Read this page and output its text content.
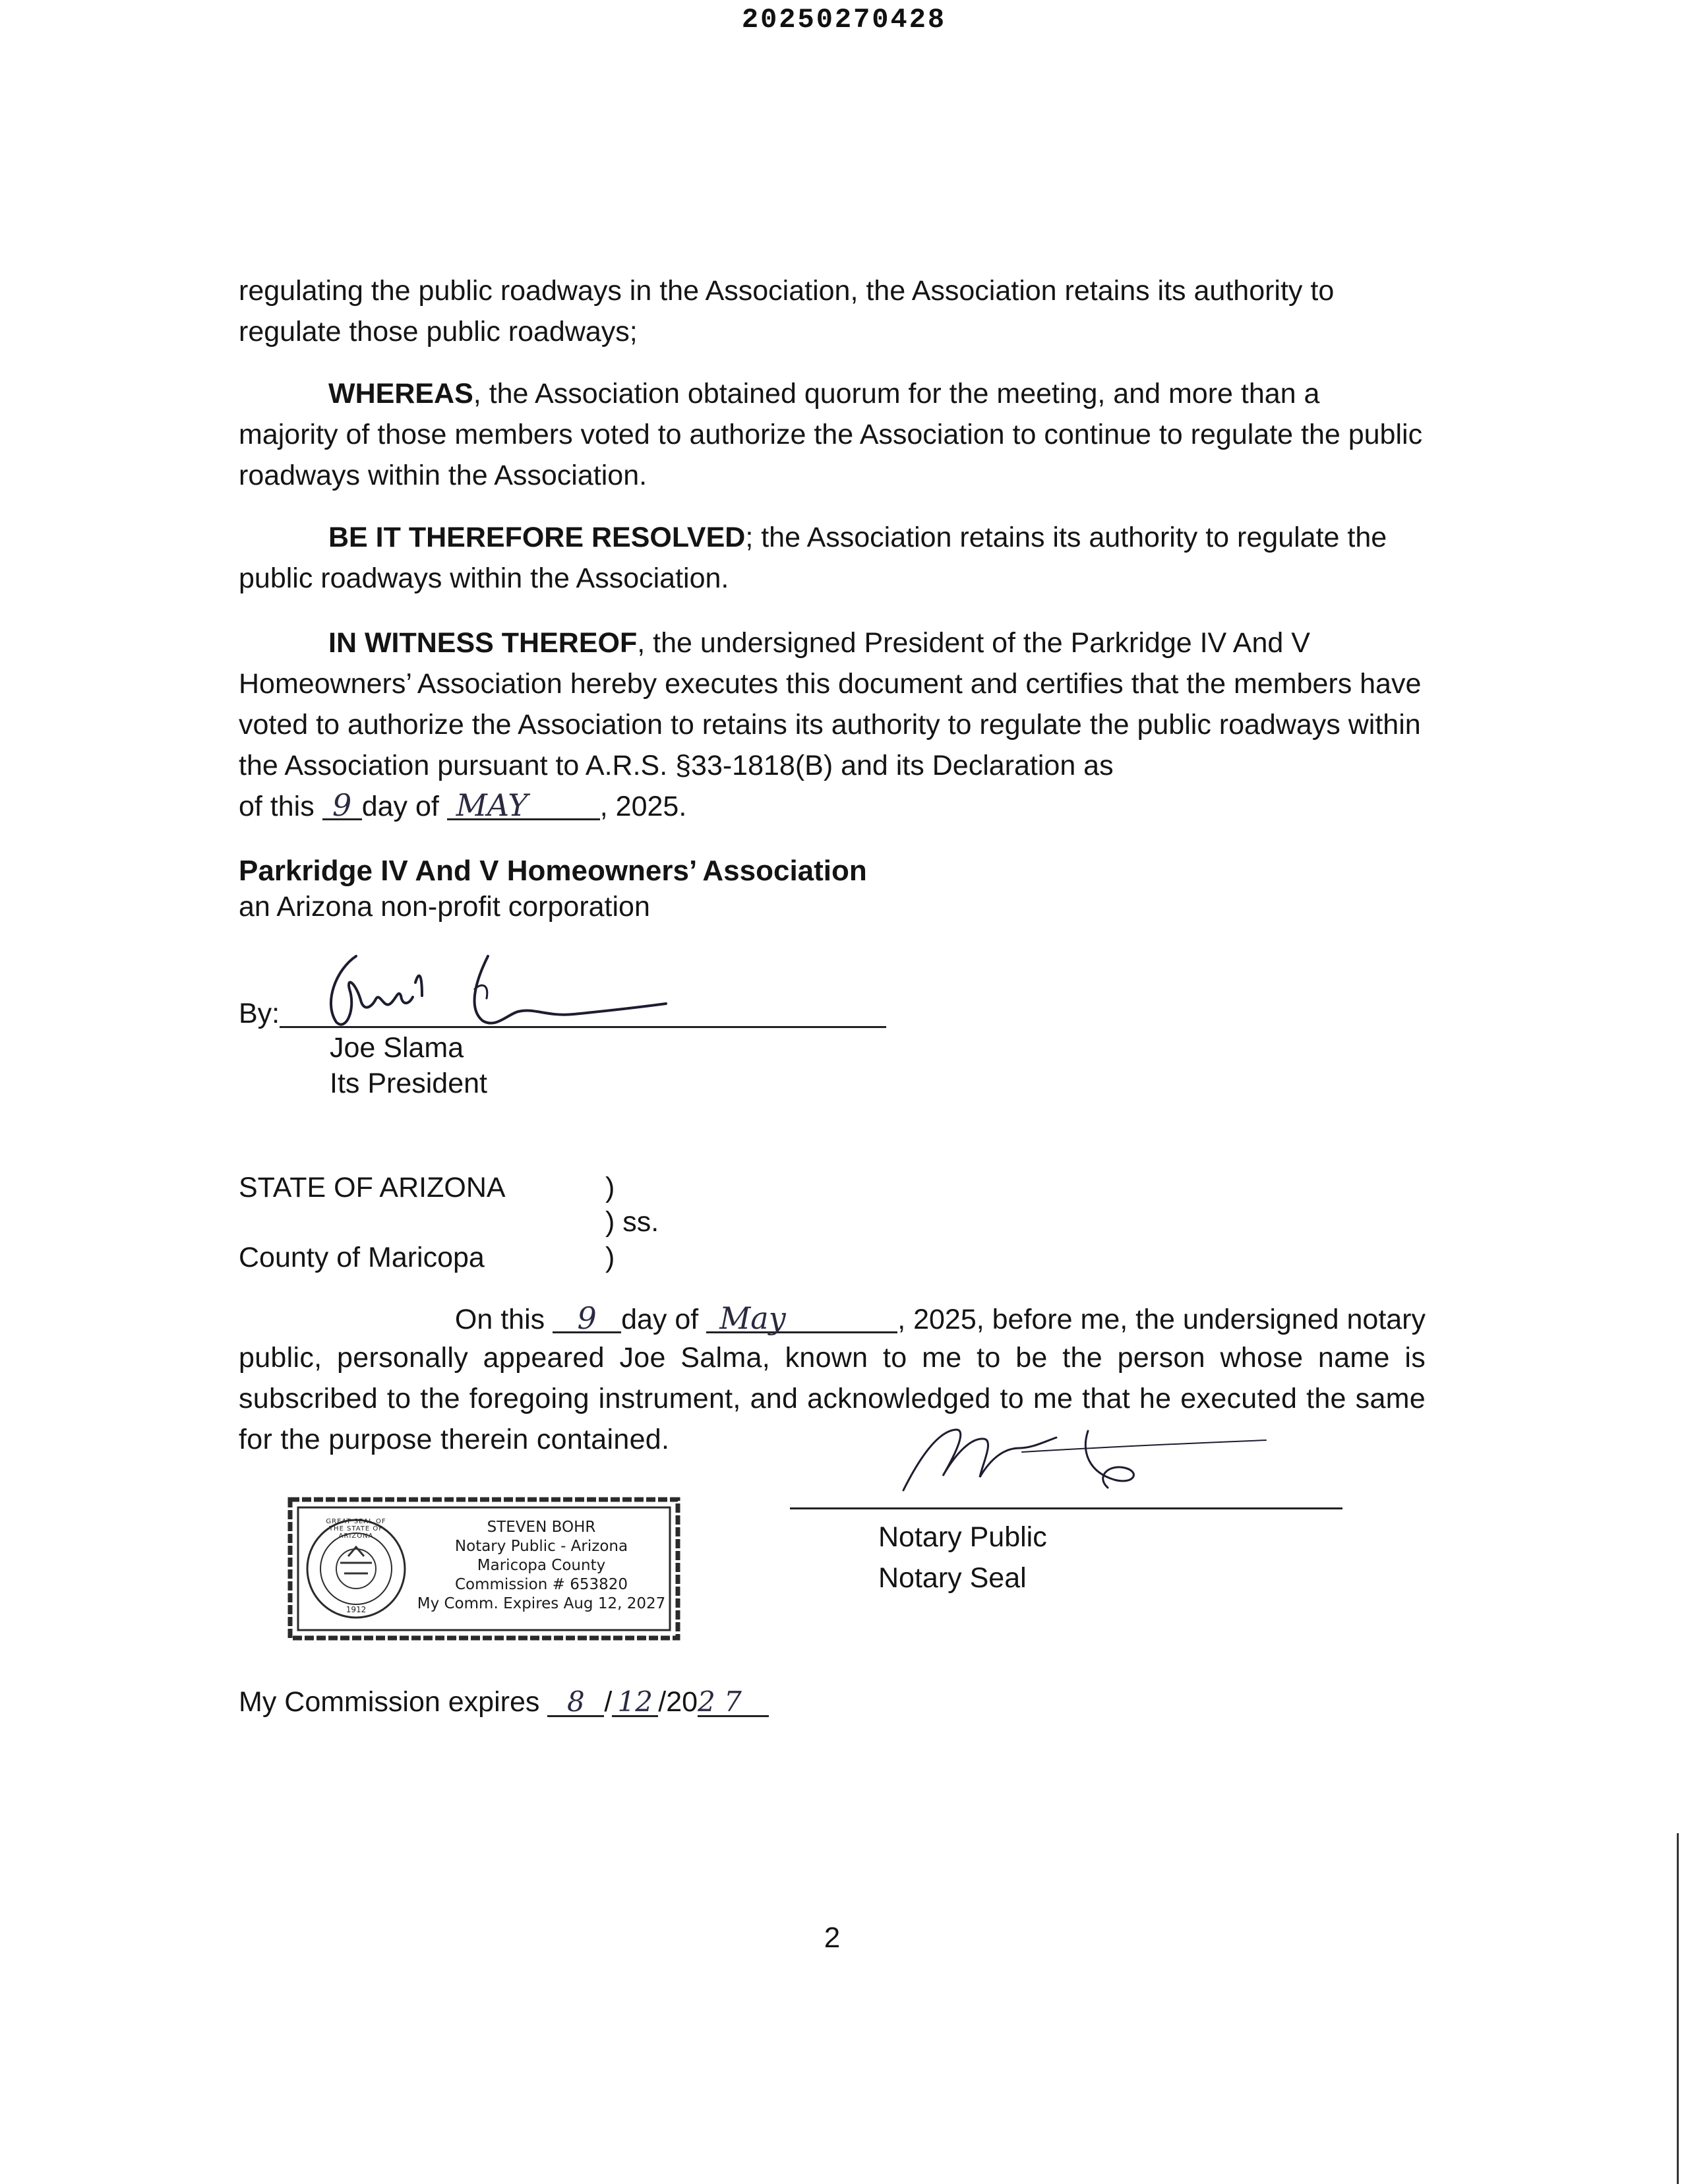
20250270428
regulating the public roadways in the Association, the Association retains its authority to regulate those public roadways;
WHEREAS, the Association obtained quorum for the meeting, and more than a majority of those members voted to authorize the Association to continue to regulate the public roadways within the Association.
BE IT THEREFORE RESOLVED; the Association retains its authority to regulate the public roadways within the Association.
IN WITNESS THEREOF, the undersigned President of the Parkridge IV And V Homeowners’ Association hereby executes this document and certifies that the members have voted to authorize the Association to retains its authority to regulate the public roadways within the Association pursuant to A.R.S. §33-1818(B) and its Declaration as
of this 9 day of MAY	, 2025.
Parkridge IV And V Homeowners’ Association
an Arizona non-profit corporation
By:
Joe Slama
Its President
STATE OF ARIZONA	)
) ss.
County of Maricopa	)
On this 9 day of May	, 2025, before me, the undersigned notary
public, personally appeared Joe Salma, known to me to be the person whose name is subscribed to the foregoing instrument, and acknowledged to me that he executed the same for the purpose therein contained.
Notary Public
Notary Seal
GREAT SEAL OF THE STATE OF ARIZONA
1912
STEVEN BOHR
Notary Public - Arizona
Maricopa County
Commission # 653820
My Comm. Expires Aug 12, 2027
My Commission expires 8 / 12 /202 7
2
